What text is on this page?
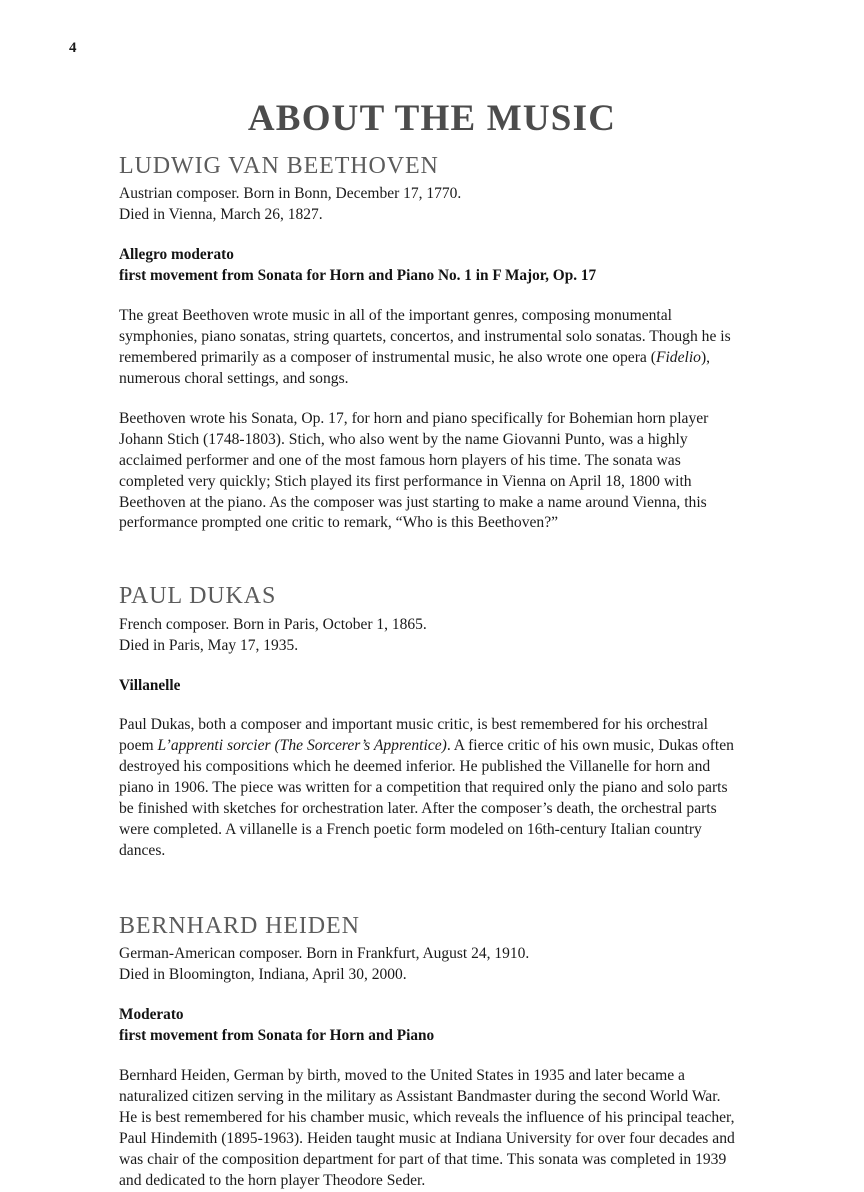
4
ABOUT THE MUSIC
LUDWIG VAN BEETHOVEN

Austrian composer. Born in Bonn, December 17, 1770.

Died in Vienna, March 26, 1827.

Allegro moderato

first movement from Sonata for Horn and Piano No. 1 in F Major, Op. 17

The great Beethoven wrote music in all of the important genres, composing monumental symphonies, piano sonatas, string quartets, concertos, and instrumental solo sonatas. Though he is remembered primarily as a composer of instrumental music, he also wrote one opera (Fidelio), numerous choral settings, and songs.

Beethoven wrote his Sonata, Op. 17, for horn and piano specifically for Bohemian horn player Johann Stich (1748-1803). Stich, who also went by the name Giovanni Punto, was a highly acclaimed performer and one of the most famous horn players of his time. The sonata was completed very quickly; Stich played its first performance in Vienna on April 18, 1800 with Beethoven at the piano. As the composer was just starting to make a name around Vienna, this performance prompted one critic to remark, “Who is this Beethoven?”

PAUL DUKAS

French composer. Born in Paris, October 1, 1865.

Died in Paris, May 17, 1935.

Villanelle

Paul Dukas, both a composer and important music critic, is best remembered for his orchestral poem L’apprenti sorcier (The Sorcerer’s Apprentice). A fierce critic of his own music, Dukas often destroyed his compositions which he deemed inferior. He published the Villanelle for horn and piano in 1906. The piece was written for a competition that required only the piano and solo parts be finished with sketches for orchestration later. After the composer’s death, the orchestral parts were completed. A villanelle is a French poetic form modeled on 16th-century Italian country dances.

BERNHARD HEIDEN

German-American composer. Born in Frankfurt, August 24, 1910.

Died in Bloomington, Indiana, April 30, 2000.

Moderato

first movement from Sonata for Horn and Piano

Bernhard Heiden, German by birth, moved to the United States in 1935 and later became a naturalized citizen serving in the military as Assistant Bandmaster during the second World War. He is best remembered for his chamber music, which reveals the influence of his principal teacher, Paul Hindemith (1895-1963). Heiden taught music at Indiana University for over four decades and was chair of the composition department for part of that time. This sonata was completed in 1939 and dedicated to the horn player Theodore Seder.
